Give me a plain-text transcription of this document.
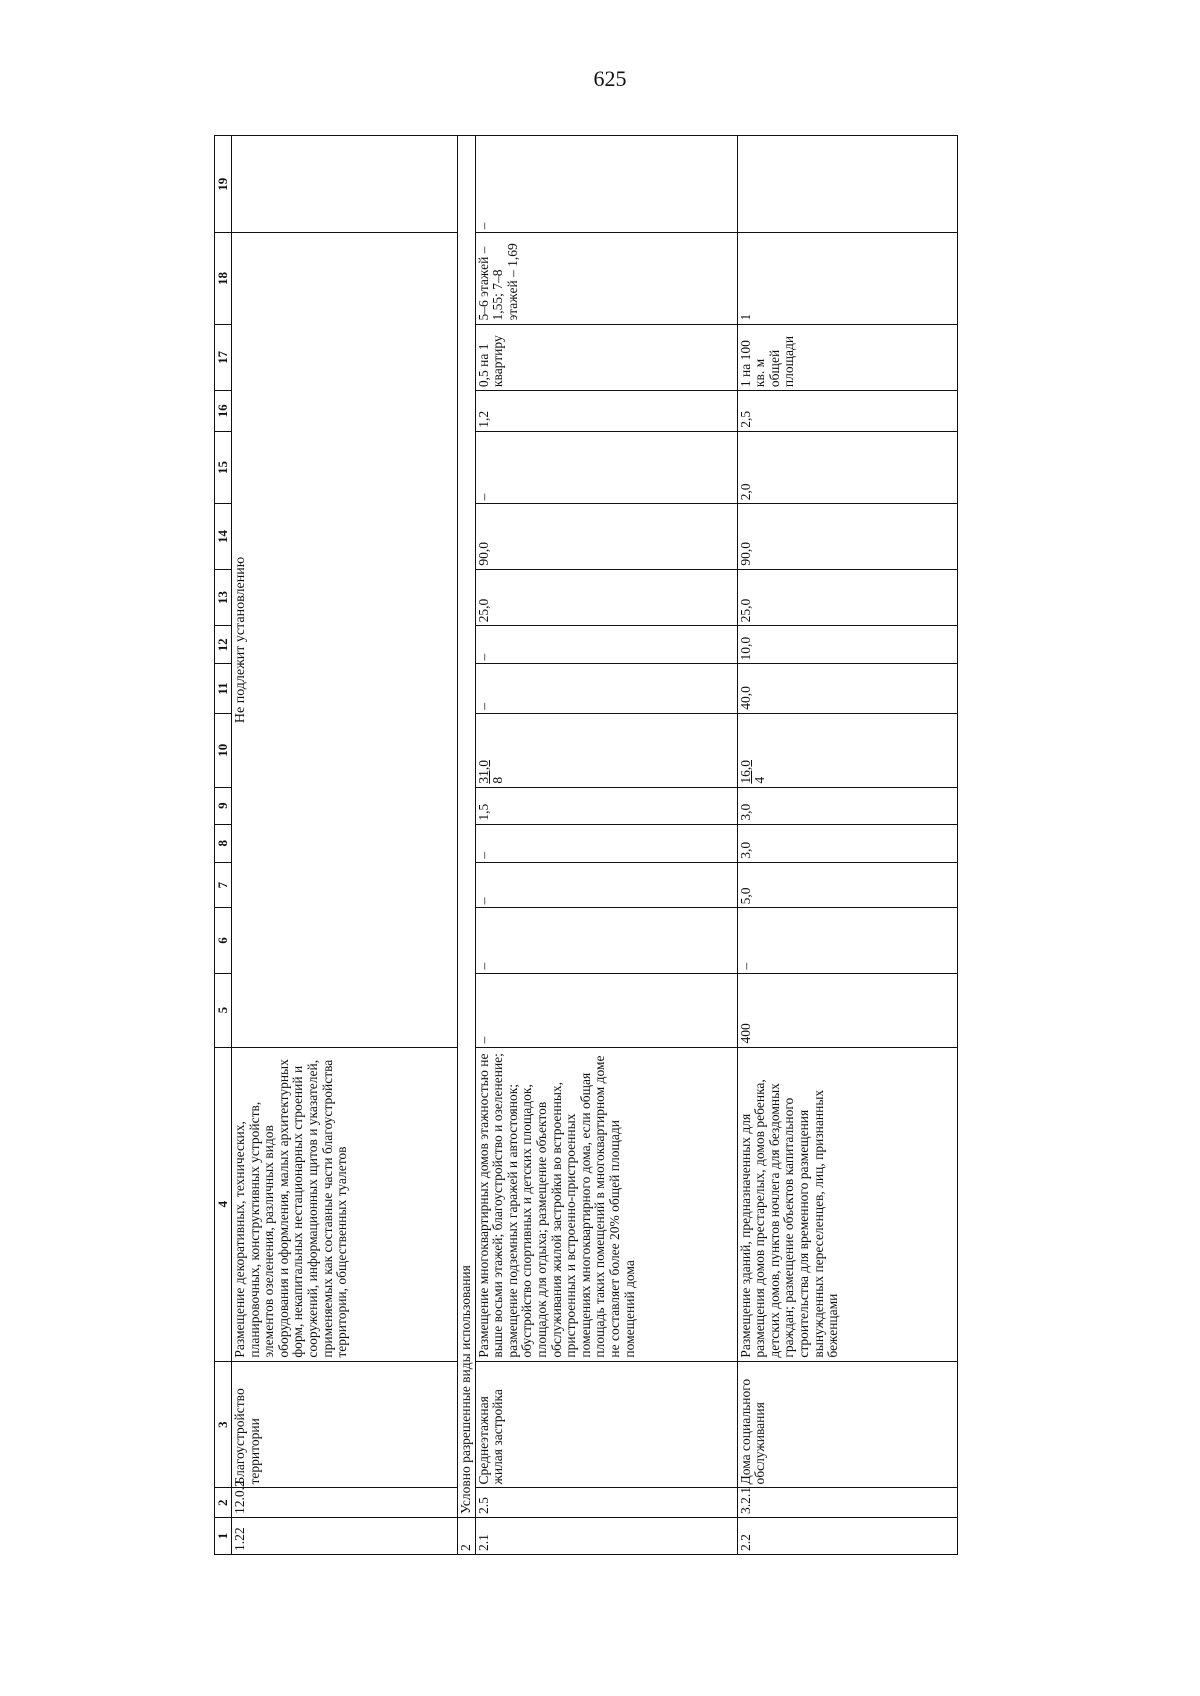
625
1	2	3	4	5	6	7	8	9	10	11	12	13	14	15	16	17	18	19
1.22	12.0.2	Благоустройство территории	Размещение декоративных, технических, планировочных, конструктивных устройств, элементов озеленения, различных видов оборудования и оформления, малых архитектурных форм, некапитальных нестационарных строений и сооружений, информационных щитов и указателей, применяемых как составные части благоустройства территории, общественных туалетов	Не подлежит установлению														
2	Условно разрешенные виды использования																	
2.1	2.5	Среднеэтажная жилая застройка	Размещение многоквартирных домов этажностью не выше восьми этажей; благоустройство и озеленение; размещение подземных гаражей и автостоянок; обустройство спортивных и детских площадок, площадок для отдыха; размещение объектов обслуживания жилой застройки во встроенных, пристроенных и встроенно-пристроенных помещениях многоквартирного дома, если общая площадь таких помещений в многоквартирном доме не составляет более 20% общей площади помещений дома	–	–	–	–	1,5	31,0 8	–	–	25,0	90,0	–	1,2	0,5 на 1 квартиру	5–6 этажей – 1,55; 7–8 этажей – 1,69	–
2.2	3.2.1	Дома социального обслуживания	Размещение зданий, предназначенных для размещения домов престарелых, домов ребенка, детских домов, пунктов ночлега для бездомных граждан; размещение объектов капитального строительства для временного размещения вынужденных переселенцев, лиц, признанных беженцами	400	–	5,0	3,0	3,0	16,0 4	40,0	10,0	25,0	90,0	2,0	2,5	1 на 100 кв. м общей площади	1	
